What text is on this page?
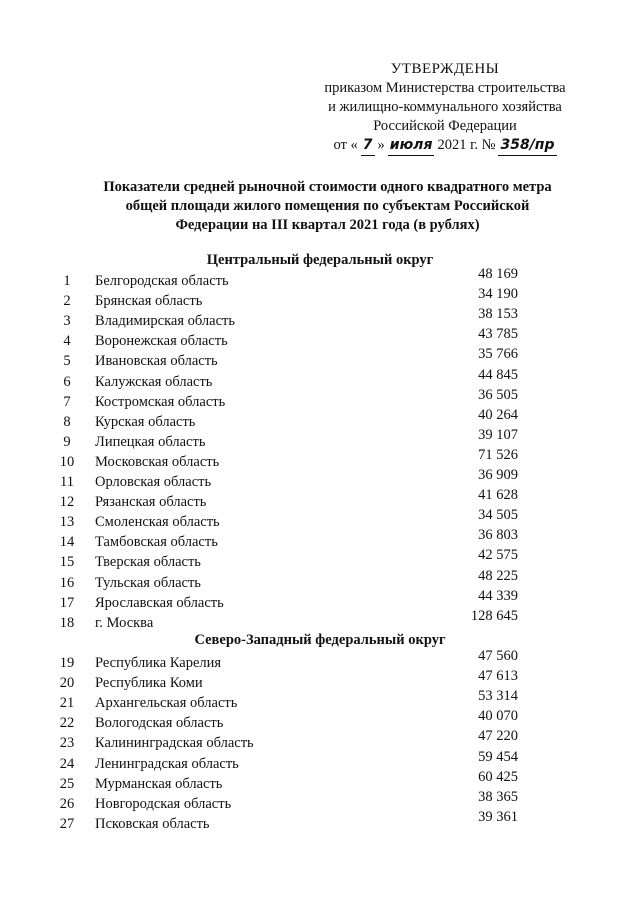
УТВЕРЖДЕНЫ
приказом Министерства строительства
и жилищно-коммунального хозяйства
Российской Федерации
от « 7 » июля 2021 г. № 358/пр
Показатели средней рыночной стоимости одного квадратного метра общей площади жилого помещения по субъектам Российской Федерации на III квартал 2021 года (в рублях)
Центральный федеральный округ
1	Белгородская область	48 169
2	Брянская область	34 190
3	Владимирская область	38 153
4	Воронежская область	43 785
5	Ивановская область	35 766
6	Калужская область	44 845
7	Костромская область	36 505
8	Курская область	40 264
9	Липецкая область	39 107
10	Московская область	71 526
11	Орловская область	36 909
12	Рязанская область	41 628
13	Смоленская область	34 505
14	Тамбовская область	36 803
15	Тверская область	42 575
16	Тульская область	48 225
17	Ярославская область	44 339
18	г. Москва	128 645
Северо-Западный федеральный округ
19	Республика Карелия	47 560
20	Республика Коми	47 613
21	Архангельская область	53 314
22	Вологодская область	40 070
23	Калининградская область	47 220
24	Ленинградская область	59 454
25	Мурманская область	60 425
26	Новгородская область	38 365
27	Псковская область	39 361
